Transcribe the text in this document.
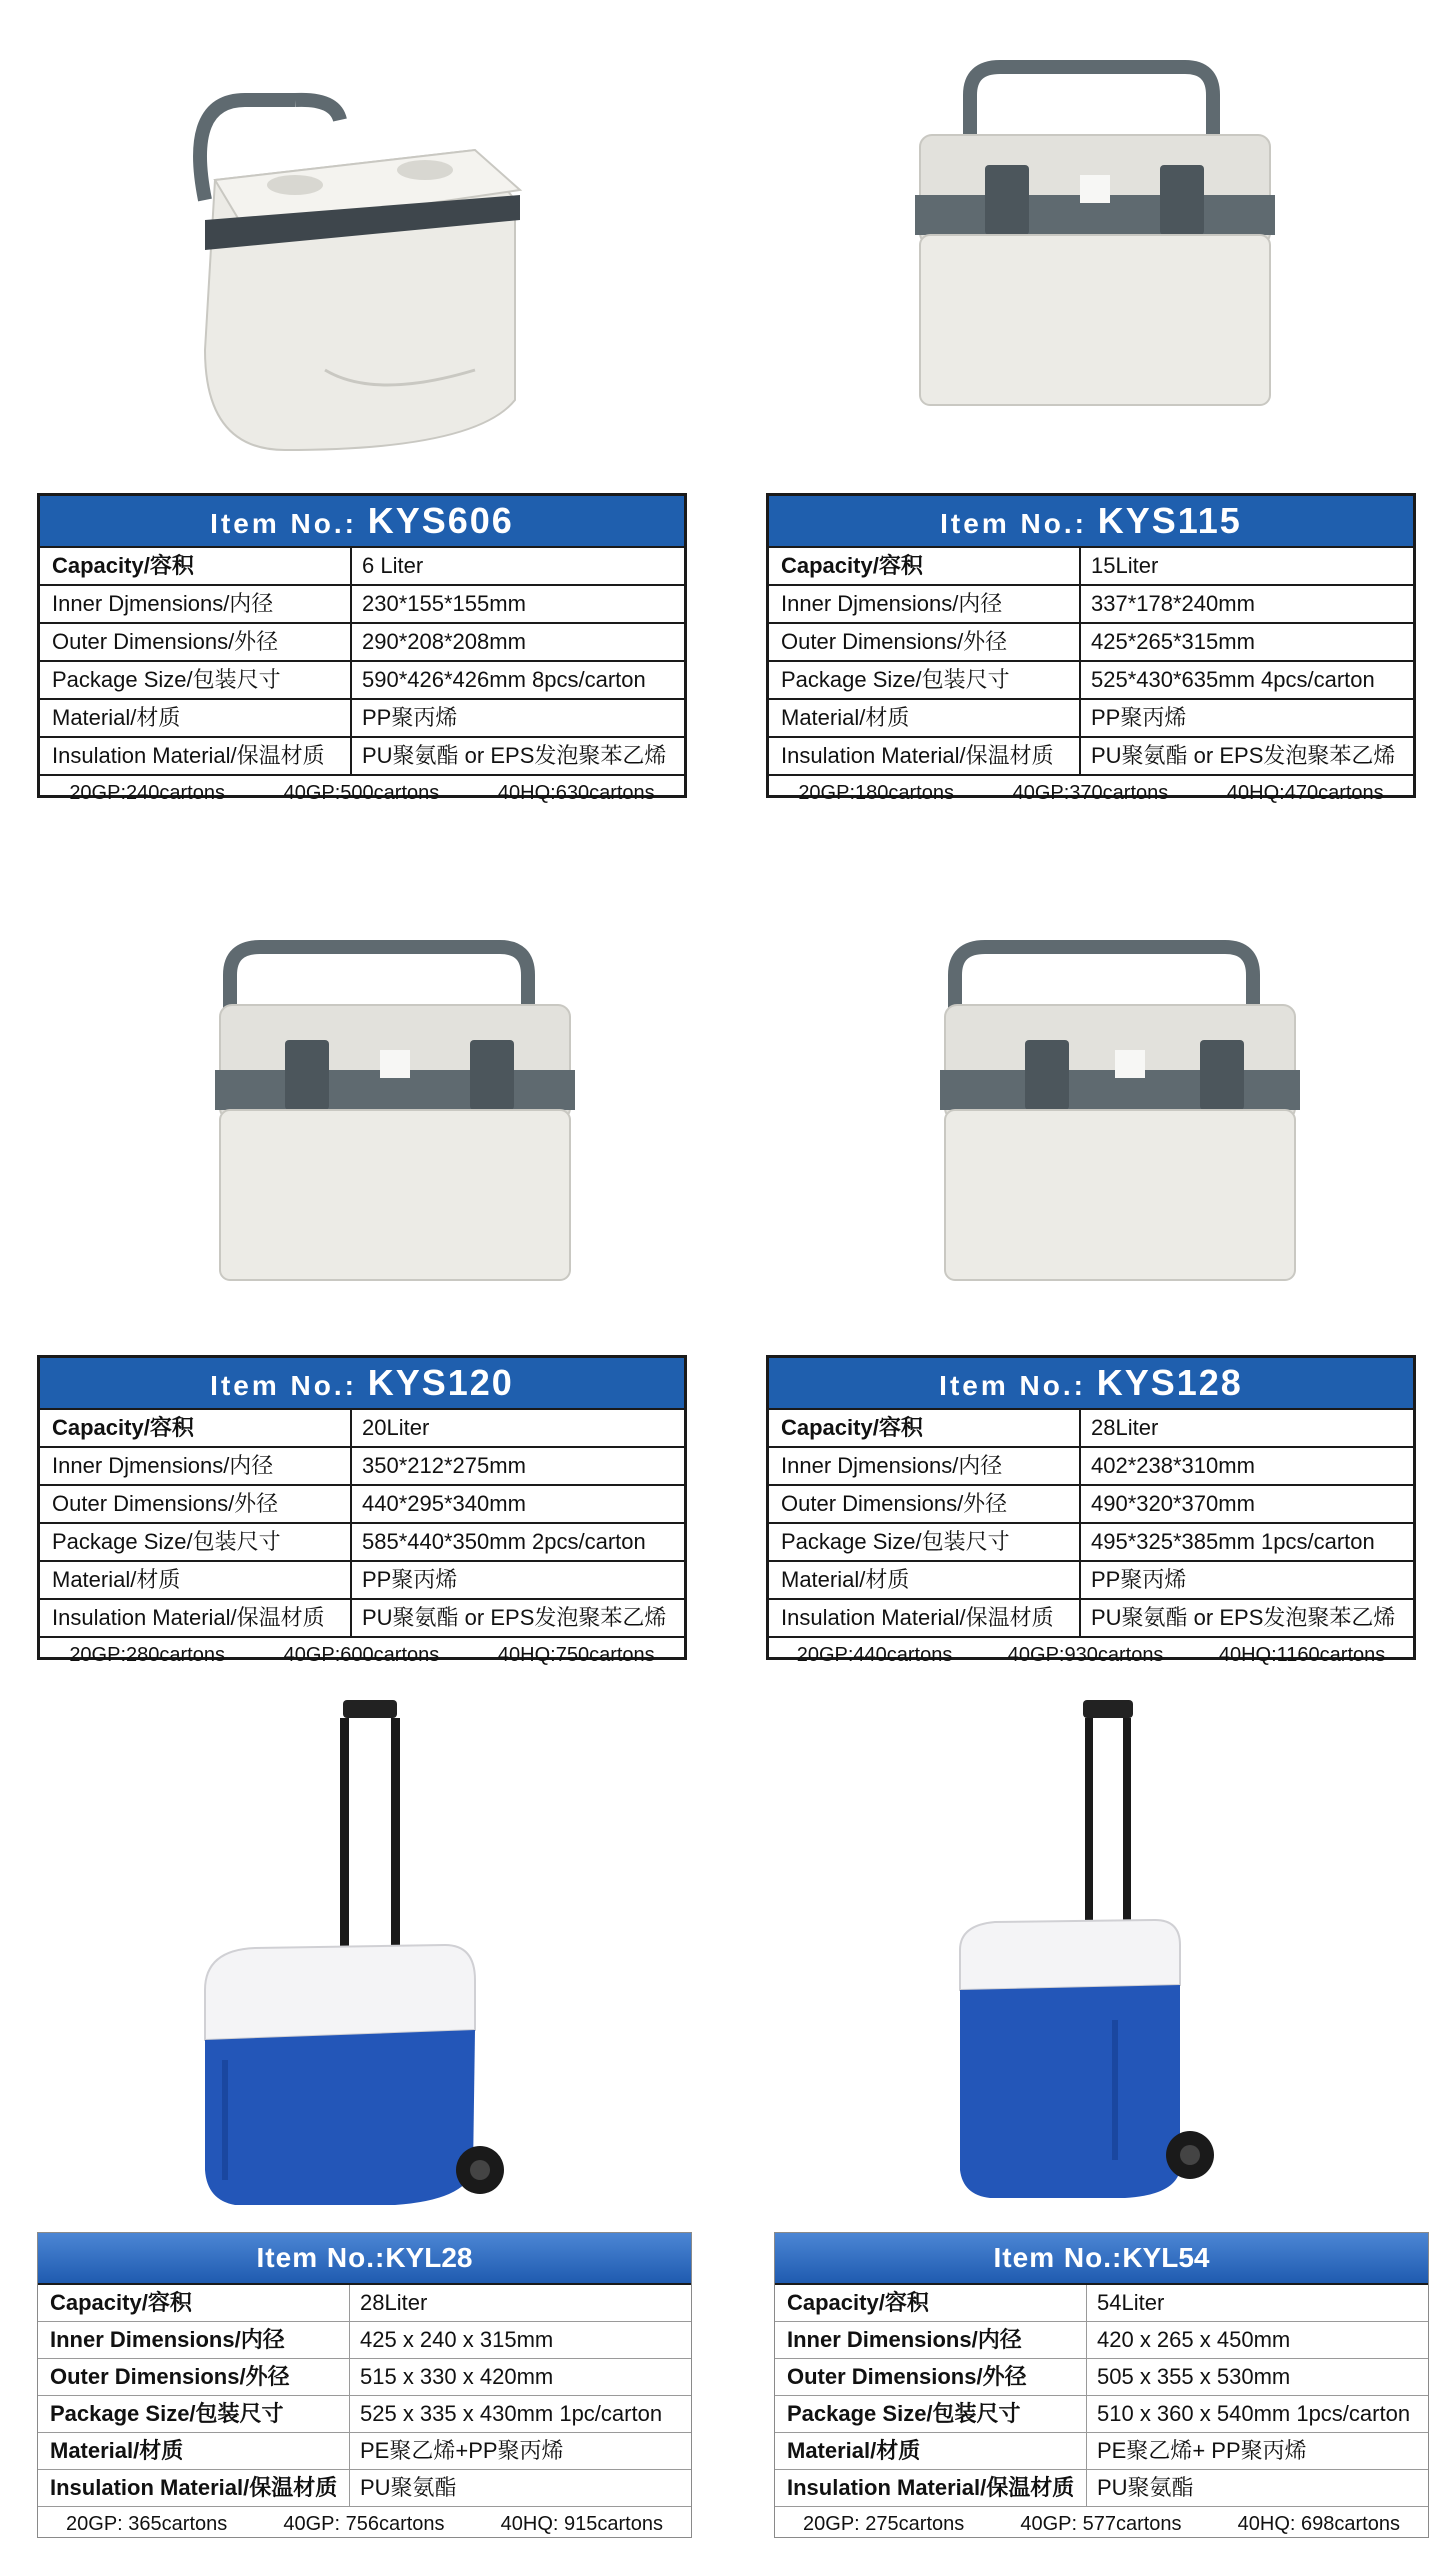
Item No.: KYS606
Capacity/容积	6 Liter
Inner Djmensions/内径	230*155*155mm
Outer Dimensions/外径	290*208*208mm
Package Size/包装尺寸	590*426*426mm 8pcs/carton
Material/材质	PP聚丙烯
Insulation Material/保温材质	PU聚氨酯 or EPS发泡聚苯乙烯
20GP:240cartons	40GP:500cartons	40HQ:630cartons
Item No.: KYS115
Capacity/容积	15Liter
Inner Djmensions/内径	337*178*240mm
Outer Dimensions/外径	425*265*315mm
Package Size/包装尺寸	525*430*635mm 4pcs/carton
Material/材质	PP聚丙烯
Insulation Material/保温材质	PU聚氨酯 or EPS发泡聚苯乙烯
20GP:180cartons	40GP:370cartons	40HQ:470cartons
Item No.: KYS120
Capacity/容积	20Liter
Inner Djmensions/内径	350*212*275mm
Outer Dimensions/外径	440*295*340mm
Package Size/包装尺寸	585*440*350mm 2pcs/carton
Material/材质	PP聚丙烯
Insulation Material/保温材质	PU聚氨酯 or EPS发泡聚苯乙烯
20GP:280cartons	40GP:600cartons	40HQ:750cartons
Item No.: KYS128
Capacity/容积	28Liter
Inner Djmensions/内径	402*238*310mm
Outer Dimensions/外径	490*320*370mm
Package Size/包装尺寸	495*325*385mm 1pcs/carton
Material/材质	PP聚丙烯
Insulation Material/保温材质	PU聚氨酯 or EPS发泡聚苯乙烯
20GP:440cartons	40GP:930cartons	40HQ:1160cartons
Item No.:KYL28
Capacity/容积	28Liter
Inner Dimensions/内径	425 x 240 x 315mm
Outer Dimensions/外径	515 x 330 x 420mm
Package Size/包装尺寸	525 x 335 x 430mm 1pc/carton
Material/材质	PE聚乙烯+PP聚丙烯
Insulation Material/保温材质	PU聚氨酯
20GP: 365cartons	40GP: 756cartons	40HQ: 915cartons
Item No.:KYL54
Capacity/容积	54Liter
Inner Dimensions/内径	420 x 265 x 450mm
Outer Dimensions/外径	505 x 355 x 530mm
Package Size/包装尺寸	510 x 360 x 540mm 1pcs/carton
Material/材质	PE聚乙烯+ PP聚丙烯
Insulation Material/保温材质	PU聚氨酯
20GP: 275cartons	40GP: 577cartons	40HQ: 698cartons
